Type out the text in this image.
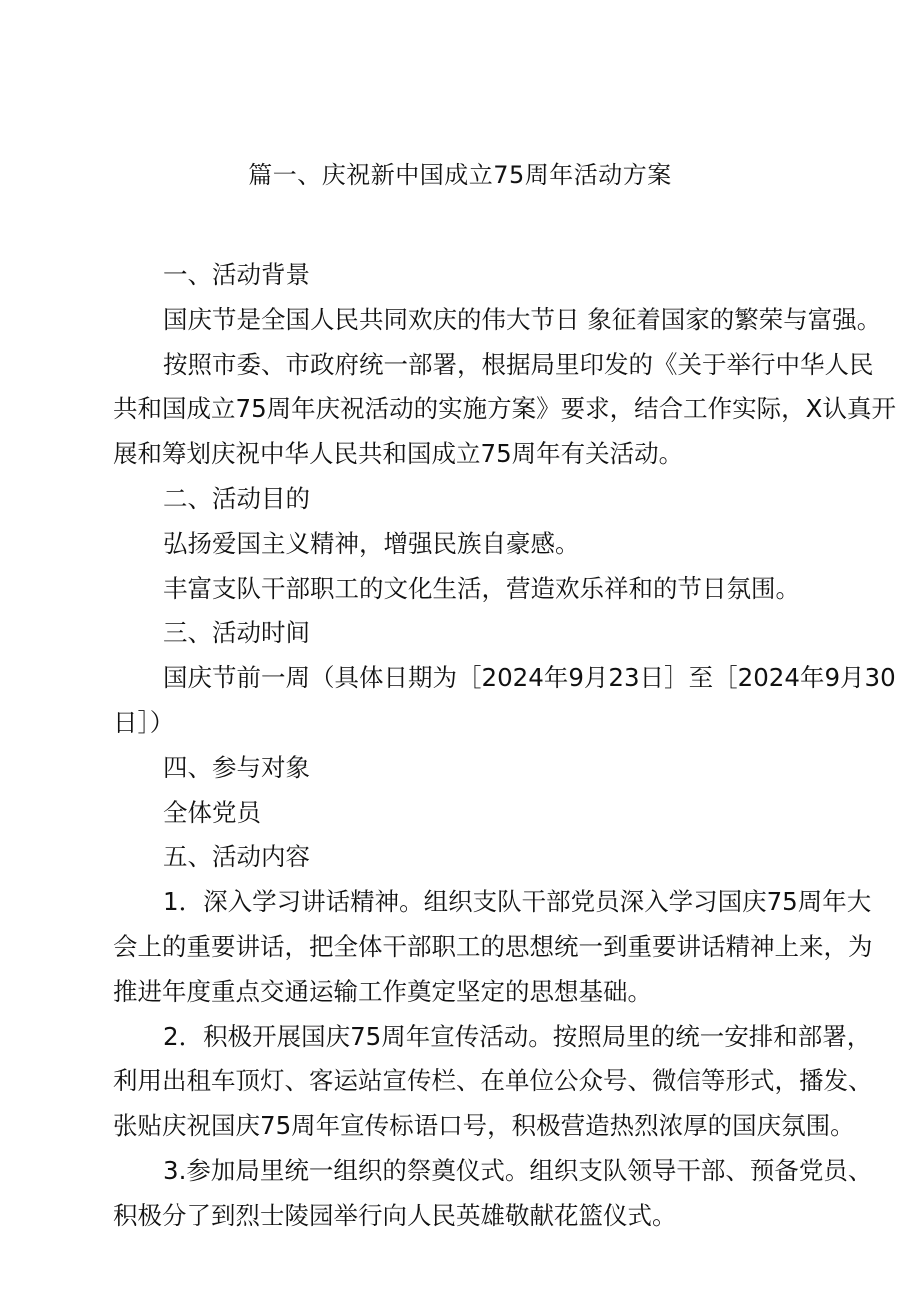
篇一、庆祝新中国成立75周年活动方案
一、活动背景
国庆节是全国人民共同欢庆的伟大节日 象征着国家的繁荣与富强。
按照市委、市政府统一部署，根据局里印发的《关于举行中华人民
共和国成立75周年庆祝活动的实施方案》要求，结合工作实际，X认真开
展和筹划庆祝中华人民共和国成立75周年有关活动。
二、活动目的
弘扬爱国主义精神，增强民族自豪感。
丰富支队干部职工的文化生活，营造欢乐祥和的节日氛围。
三、活动时间
国庆节前一周（具体日期为［2024年9月23日］至［2024年9月30
日］）
四、参与对象
全体党员
五、活动内容
1．深入学习讲话精神。组织支队干部党员深入学习国庆75周年大
会上的重要讲话，把全体干部职工的思想统一到重要讲话精神上来，为
推进年度重点交通运输工作奠定坚定的思想基础。
2．积极开展国庆75周年宣传活动。按照局里的统一安排和部署，
利用出租车顶灯、客运站宣传栏、在单位公众号、微信等形式，播发、
张贴庆祝国庆75周年宣传标语口号，积极营造热烈浓厚的国庆氛围。
3.参加局里统一组织的祭奠仪式。组织支队领导干部、预备党员、
积极分了到烈士陵园举行向人民英雄敬献花篮仪式。
